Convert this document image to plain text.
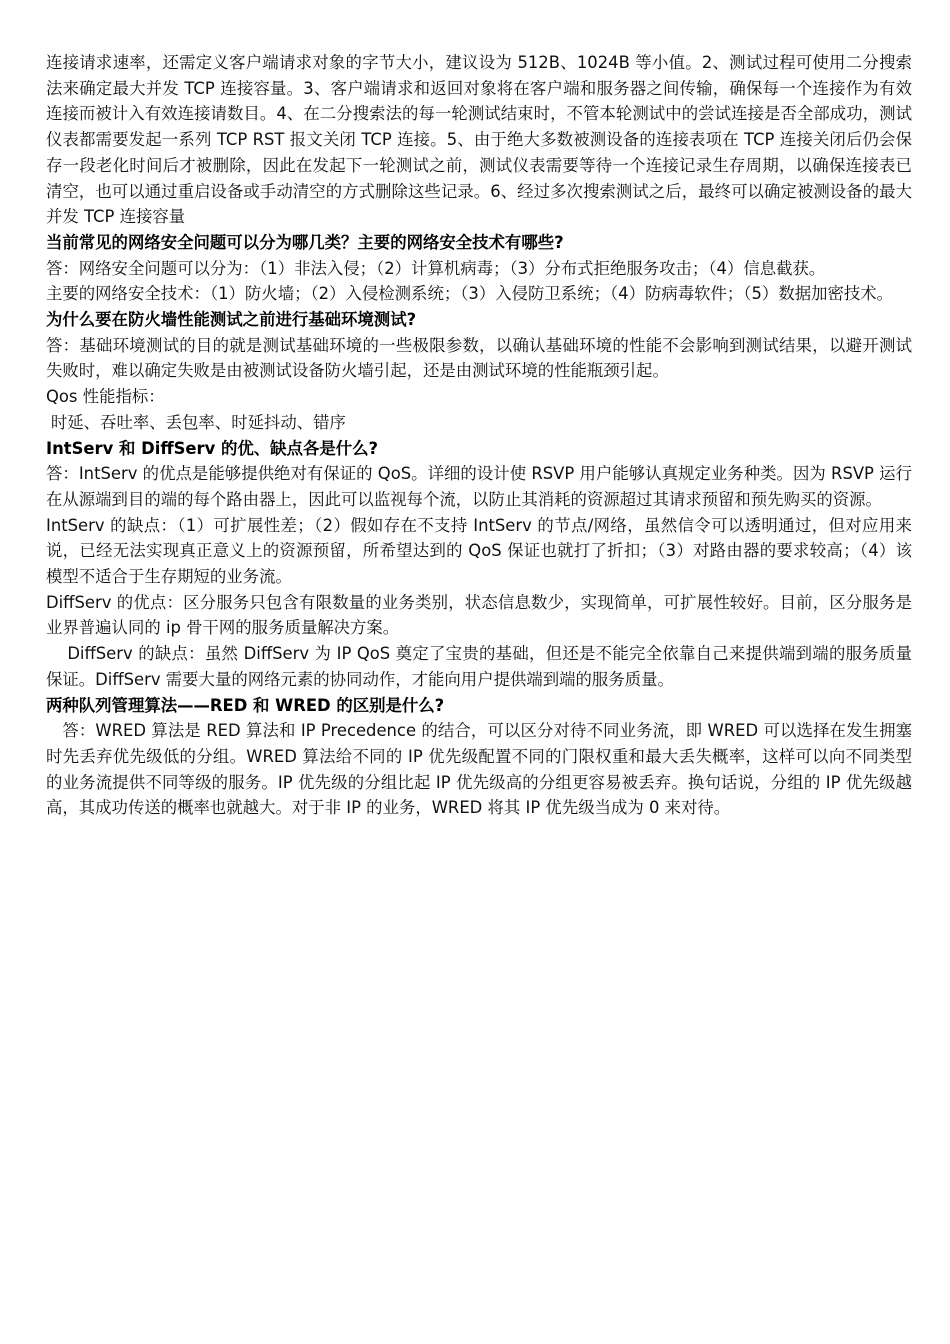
连接请求速率，还需定义客户端请求对象的字节大小，建议设为 512B、1024B 等小值。2、测试过程可使用二分搜索法来确定最大并发 TCP 连接容量。3、客户端请求和返回对象将在客户端和服务器之间传输，确保每一个连接作为有效连接而被计入有效连接请数目。4、在二分搜索法的每一轮测试结束时，不管本轮测试中的尝试连接是否全部成功，测试仪表都需要发起一系列 TCP RST 报文关闭 TCP 连接。5、由于绝大多数被测设备的连接表项在 TCP 连接关闭后仍会保存一段老化时间后才被删除，因此在发起下一轮测试之前，测试仪表需要等待一个连接记录生存周期，以确保连接表已清空，也可以通过重启设备或手动清空的方式删除这些记录。6、经过多次搜索测试之后，最终可以确定被测设备的最大并发 TCP 连接容量

当前常见的网络安全问题可以分为哪几类？主要的网络安全技术有哪些?

答：网络安全问题可以分为：（1）非法入侵；（2）计算机病毒；（3）分布式拒绝服务攻击；（4）信息截获。

主要的网络安全技术：（1）防火墙；（2）入侵检测系统；（3）入侵防卫系统；（4）防病毒软件；（5）数据加密技术。

为什么要在防火墙性能测试之前进行基础环境测试?

答：基础环境测试的目的就是测试基础环境的一些极限参数，以确认基础环境的性能不会影响到测试结果，以避开测试失败时，难以确定失败是由被测试设备防火墙引起，还是由测试环境的性能瓶颈引起。

Qos 性能指标：

时延、吞吐率、丢包率、时延抖动、错序

IntServ 和 DiffServ 的优、缺点各是什么?

答：IntServ 的优点是能够提供绝对有保证的 QoS。详细的设计使 RSVP 用户能够认真规定业务种类。因为 RSVP 运行在从源端到目的端的每个路由器上，因此可以监视每个流，以防止其消耗的资源超过其请求预留和预先购买的资源。

IntServ 的缺点：（1）可扩展性差；（2）假如存在不支持 IntServ 的节点/网络，虽然信令可以透明通过，但对应用来说，已经无法实现真正意义上的资源预留，所希望达到的 QoS 保证也就打了折扣；（3）对路由器的要求较高；（4）该模型不适合于生存期短的业务流。

DiffServ 的优点：区分服务只包含有限数量的业务类别，状态信息数少，实现简单，可扩展性较好。目前，区分服务是业界普遍认同的 ip 骨干网的服务质量解决方案。

DiffServ 的缺点：虽然 DiffServ 为 IP QoS 奠定了宝贵的基础，但还是不能完全依靠自己来提供端到端的服务质量保证。DiffServ 需要大量的网络元素的协同动作，才能向用户提供端到端的服务质量。

两种队列管理算法——RED 和 WRED 的区别是什么?

答：WRED 算法是 RED 算法和 IP Precedence 的结合，可以区分对待不同业务流，即 WRED 可以选择在发生拥塞时先丢弃优先级低的分组。WRED 算法给不同的 IP 优先级配置不同的门限权重和最大丢失概率，这样可以向不同类型的业务流提供不同等级的服务。IP 优先级的分组比起 IP 优先级高的分组更容易被丢弃。换句话说，分组的 IP 优先级越高，其成功传送的概率也就越大。对于非 IP 的业务，WRED 将其 IP 优先级当成为 0 来对待。
